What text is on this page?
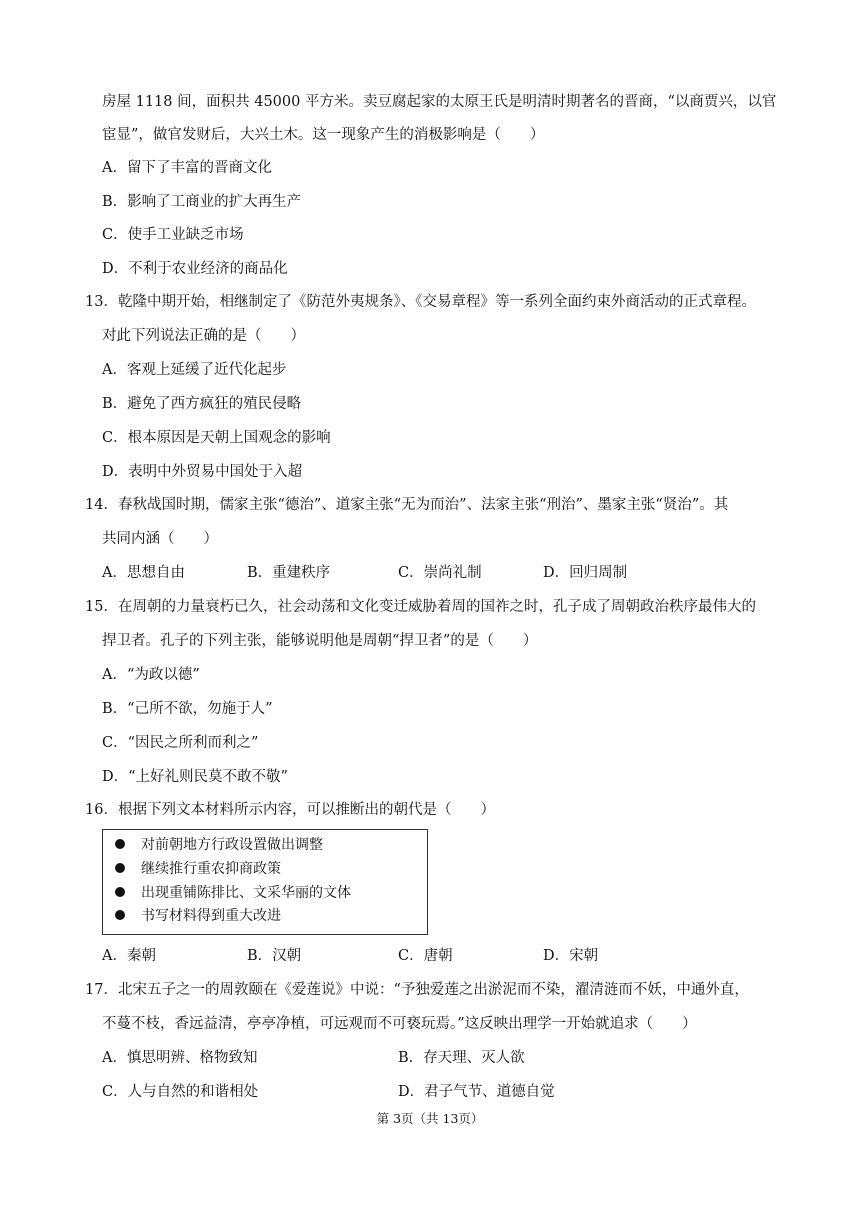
房屋 1118 间，面积共 45000 平方米。卖豆腐起家的太原王氏是明清时期著名的晋商，“以商贾兴，以官
宦显”，做官发财后，大兴土木。这一现象产生的消极影响是（　　）
A．留下了丰富的晋商文化
B．影响了工商业的扩大再生产
C．使手工业缺乏市场
D．不利于农业经济的商品化
13．乾隆中期开始，相继制定了《防范外夷规条》、《交易章程》等一系列全面约束外商活动的正式章程。
对此下列说法正确的是（　　）
A．客观上延缓了近代化起步
B．避免了西方疯狂的殖民侵略
C．根本原因是天朝上国观念的影响
D．表明中外贸易中国处于入超
14．春秋战国时期，儒家主张“德治”、道家主张“无为而治”、法家主张“刑治”、墨家主张“贤治”。其
共同内涵（　　）
A．思想自由	B．重建秩序	C．崇尚礼制	D．回归周制
15．在周朝的力量衰朽已久，社会动荡和文化变迁威胁着周的国祚之时，孔子成了周朝政治秩序最伟大的
捍卫者。孔子的下列主张，能够说明他是周朝“捍卫者”的是（　　）
A．“为政以德”
B．“己所不欲，勿施于人”
C．“因民之所利而利之”
D．“上好礼则民莫不敢不敬”
16．根据下列文本材料所示内容，可以推断出的朝代是（　　）
对前朝地方行政设置做出调整
继续推行重农抑商政策
出现重铺陈排比、文采华丽的文体
书写材料得到重大改进
A．秦朝	B．汉朝	C．唐朝	D．宋朝
17．北宋五子之一的周敦颐在《爱莲说》中说：“予独爱莲之出淤泥而不染，濯清涟而不妖，中通外直，
不蔓不枝，香远益清，亭亭净植，可远观而不可亵玩焉。”这反映出理学一开始就追求（　　）
A．慎思明辨、格物致知	B．存天理、灭人欲
C．人与自然的和谐相处	D．君子气节、道德自觉
第 3页（共 13页）
